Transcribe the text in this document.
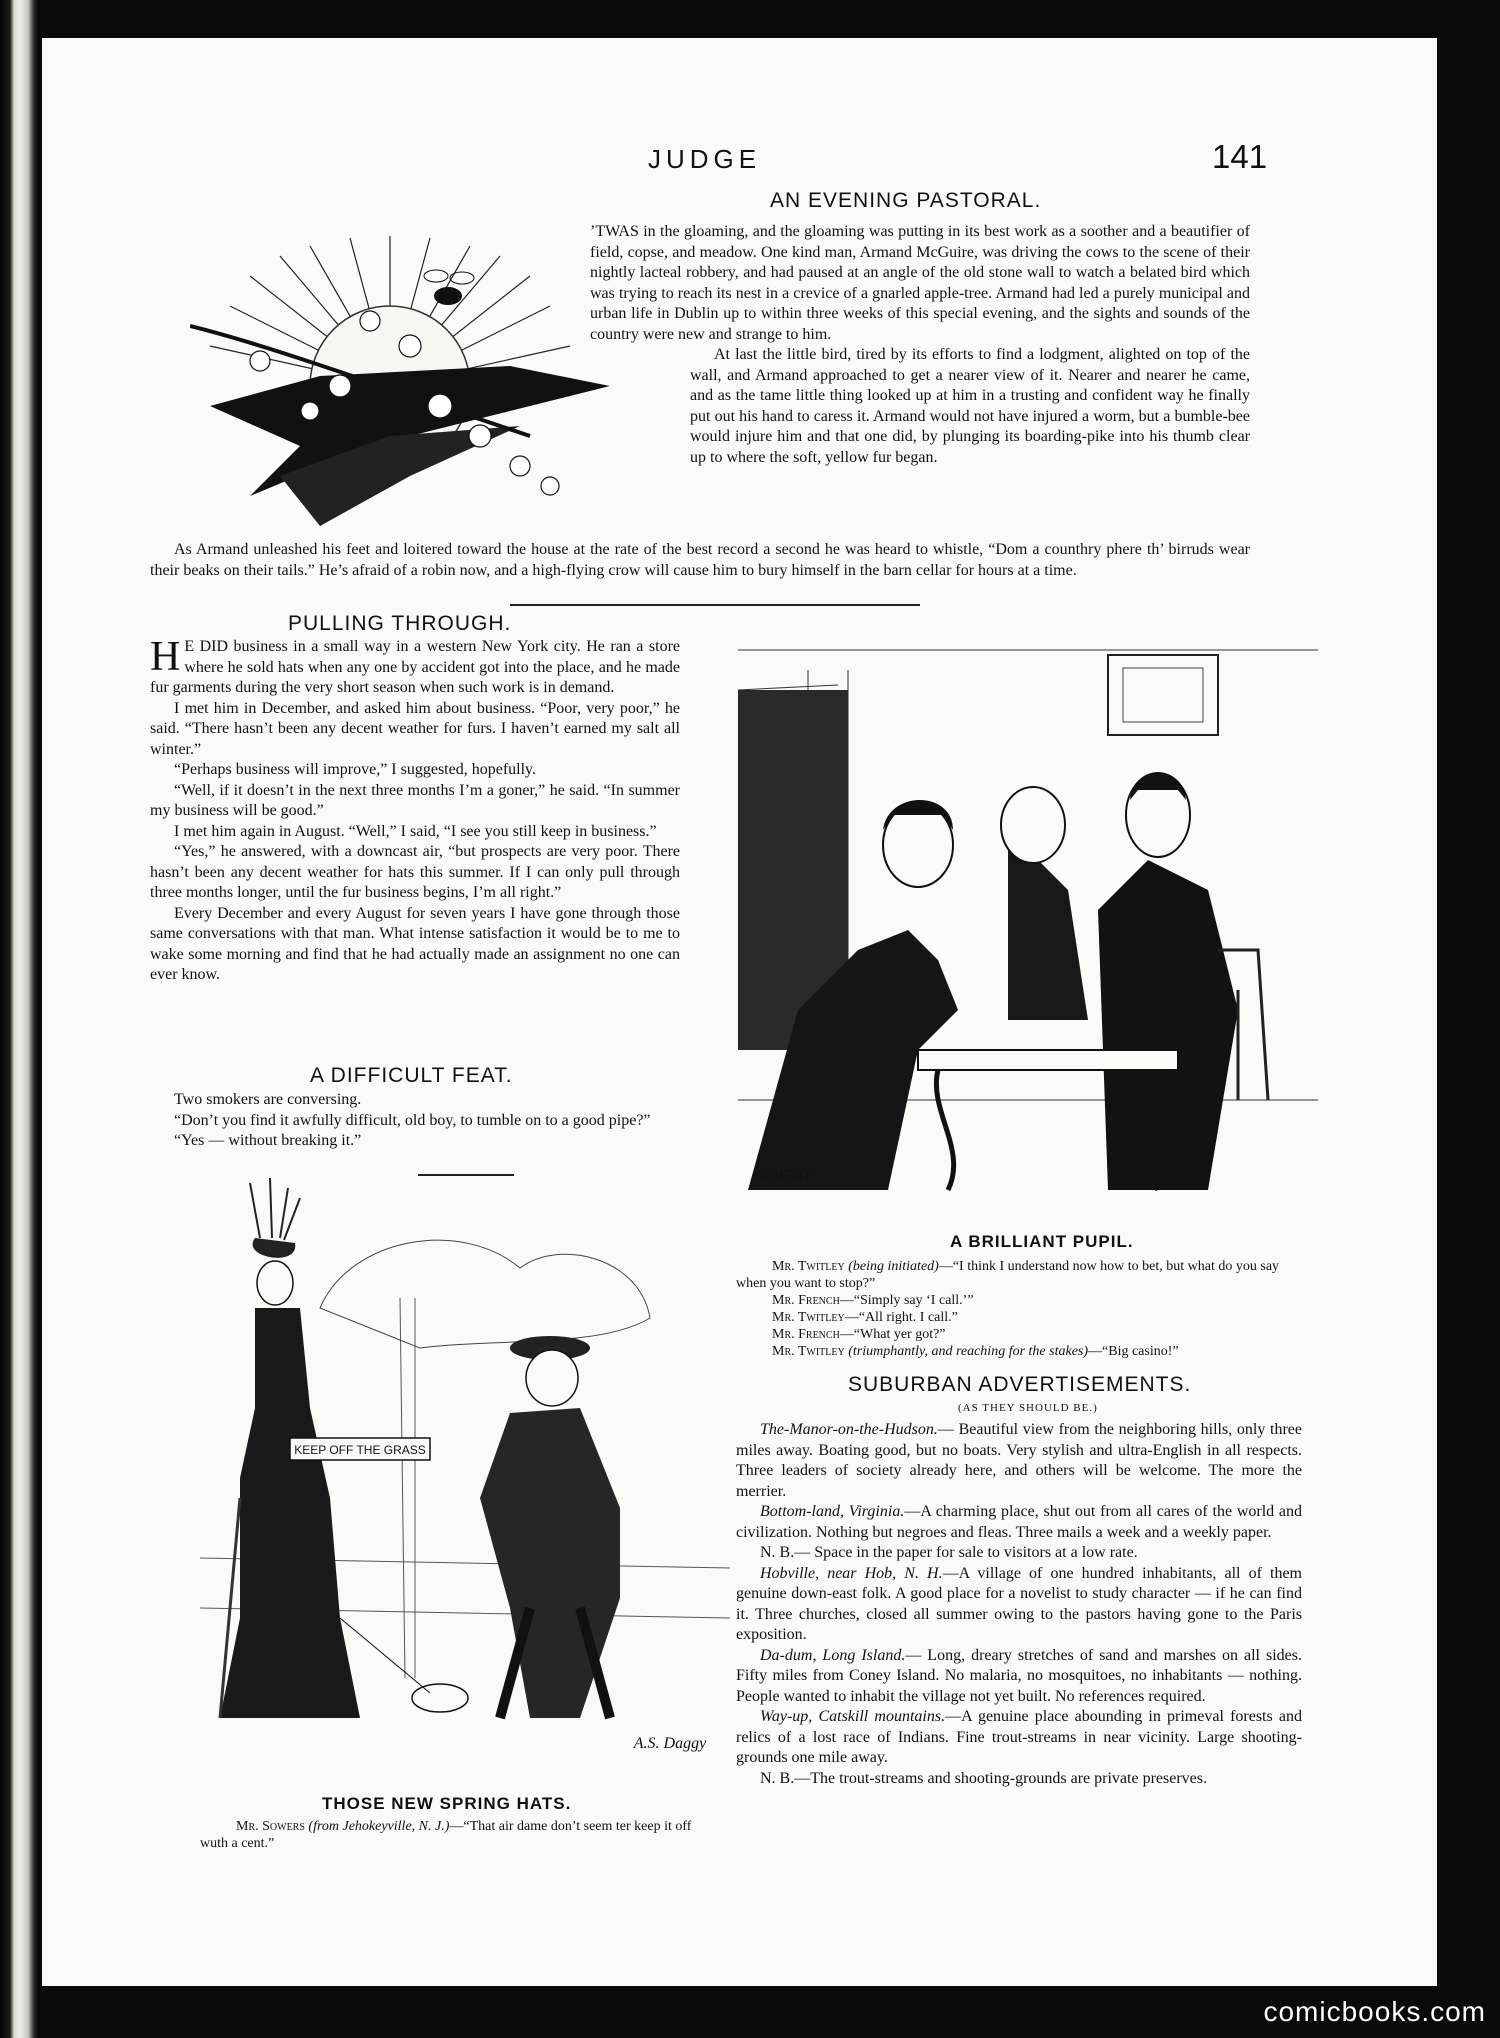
JUDGE	141
AN EVENING PASTORAL.

’TWAS in the gloaming, and the gloaming was putting in its best work as a soother and a beautifier of field, copse, and meadow. One kind man, Armand McGuire, was driving the cows to the scene of their nightly lacteal robbery, and had paused at an angle of the old stone wall to watch a belated bird which was trying to reach its nest in a crevice of a gnarled apple-tree. Armand had led a purely municipal and urban life in Dublin up to within three weeks of this special evening, and the sights and sounds of the country were new and strange to him.

At last the little bird, tired by its efforts to find a lodgment, alighted on top of the wall, and Armand approached to get a nearer view of it. Nearer and nearer he came, and as the tame little thing looked up at him in a trusting and confident way he finally put out his hand to caress it. Armand would not have injured a worm, but a bumble-bee would injure him and that one did, by plunging its boarding-pike into his thumb clear up to where the soft, yellow fur began.

As Armand unleashed his feet and loitered toward the house at the rate of the best record a second he was heard to whistle, “Dom a counthry phere th’ birruds wear their beaks on their tails.” He’s afraid of a robin now, and a high-flying crow will cause him to bury himself in the barn cellar for hours at a time.

PULLING THROUGH.

H E DID business in a small way in a western New York city. He ran a store where he sold hats when any one by accident got into the place, and he made fur garments during the very short season when such work is in demand.

I met him in December, and asked him about business. “Poor, very poor,” he said. “There hasn’t been any decent weather for furs. I haven’t earned my salt all winter.”

“Perhaps business will improve,” I suggested, hopefully.

“Well, if it doesn’t in the next three months I’m a goner,” he said. “In summer my business will be good.”

I met him again in August. “Well,” I said, “I see you still keep in business.”

“Yes,” he answered, with a downcast air, “but prospects are very poor. There hasn’t been any decent weather for hats this summer. If I can only pull through three months longer, until the fur business begins, I’m all right.”

Every December and every August for seven years I have gone through those same conversations with that man. What intense satisfaction it would be to me to wake some morning and find that he had actually made an assignment no one can ever know.

A DIFFICULT FEAT.

Two smokers are conversing.

“Don’t you find it awfully difficult, old boy, to tumble on to a good pipe?”

“Yes — without breaking it.”

DAGOY
A BRILLIANT PUPIL.
Mr. Twitley (being initiated)—“I think I understand now how to bet, but what do you say when you want to stop?”
Mr. French—“Simply say ‘I call.’”
Mr. Twitley—“All right. I call.”
Mr. French—“What yer got?”
Mr. Twitley (triumphantly, and reaching for the stakes)—“Big casino!”
KEEP OFF THE GRASS
A.S. Daggy
THOSE NEW SPRING HATS.
Mr. Sowers (from Jehokeyville, N. J.)—“That air dame don’t seem ter keep it off wuth a cent.”
SUBURBAN ADVERTISEMENTS.
(AS THEY SHOULD BE.)

The-Manor-on-the-Hudson.— Beautiful view from the neighboring hills, only three miles away. Boating good, but no boats. Very stylish and ultra-English in all respects. Three leaders of society already here, and others will be welcome. The more the merrier.

Bottom-land, Virginia.—A charming place, shut out from all cares of the world and civilization. Nothing but negroes and fleas. Three mails a week and a weekly paper.

N. B.— Space in the paper for sale to visitors at a low rate.

Hobville, near Hob, N. H.—A village of one hundred inhabitants, all of them genuine down-east folk. A good place for a novelist to study character — if he can find it. Three churches, closed all summer owing to the pastors having gone to the Paris exposition.

Da-dum, Long Island.— Long, dreary stretches of sand and marshes on all sides. Fifty miles from Coney Island. No malaria, no mosquitoes, no inhabitants — nothing. People wanted to inhabit the village not yet built. No references required.

Way-up, Catskill mountains.—A genuine place abounding in primeval forests and relics of a lost race of Indians. Fine trout-streams in near vicinity. Large shooting-grounds one mile away.

N. B.—The trout-streams and shooting-grounds are private preserves.

comicbooks.com
